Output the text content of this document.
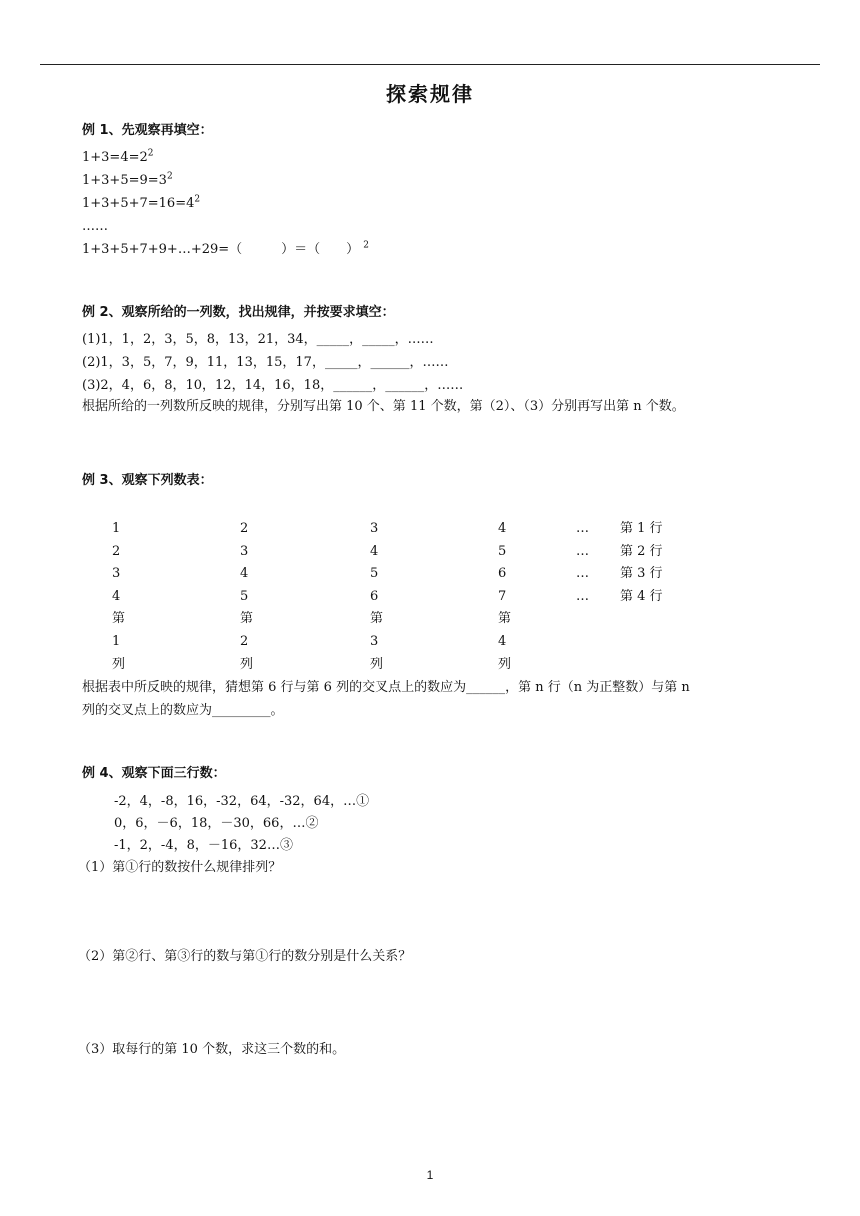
探索规律
例 1、先观察再填空：
$1+3=4=2^2$
$1+3+5=9=3^2$
$1+3+5+7=16=4^2$
……
1+3+5+7+9+…+29=（　　　）＝（　　） $^2$
例 2、观察所给的一列数，找出规律，并按要求填空：
(1)1，1，2，3，5，8，13，21，34，_____，_____，……
(2)1，3，5，7，9，11，13，15，17，_____，______，……
(3)2，4，6，8，10，12，14，16，18，______，______，……
根据所给的一列数所反映的规律，分别写出第 10 个、第 11 个数，第（2）、（3）分别再写出第 n 个数。
例 3、观察下列数表：
1	2	3	4	… 第 1 行
2	3	4	5	… 第 2 行
3	4	5	6	… 第 3 行
4	5	6	7	… 第 4 行
第	第	第	第
1	2	3	4
列	列	列	列
根据表中所反映的规律，猜想第 6 行与第 6 列的交叉点上的数应为______，第 n 行（n 为正整数）与第 n
列的交叉点上的数应为_________。
例 4、观察下面三行数：
-2，4，-8，16，-32，64，-32，64，…①
0，6，－6，18，－30，66，…②
-1，2，-4，8，－16，32…③
（1）第①行的数按什么规律排列？
（2）第②行、第③行的数与第①行的数分别是什么关系？
（3）取每行的第 10 个数，求这三个数的和。
1
